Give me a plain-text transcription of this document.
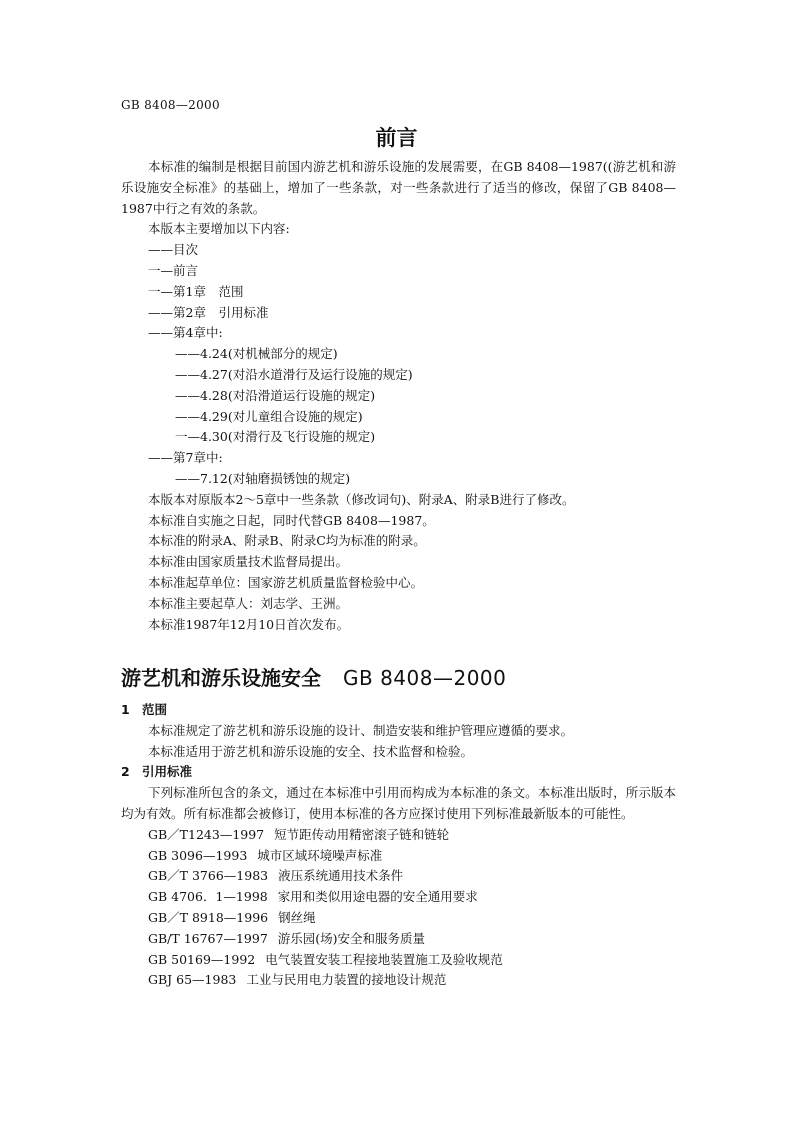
GB 8408—2000
前言

本标准的编制是根据目前国内游艺机和游乐设施的发展需要，在GB 8408—1987((游艺机和游乐设施安全标准》的基础上，增加了一些条款，对一些条款进行了适当的修改，保留了GB 8408—1987中行之有效的条款。

本版本主要增加以下内容:

——目次

一—前言

一—第1章　范围

——第2章　引用标准

——第4章中:

——4.24(对机械部分的规定)

——4.27(对沿水道滑行及运行设施的规定)

——4.28(对沿滑道运行设施的规定)

——4.29(对儿童组合设施的规定)

一—4.30(对滑行及飞行设施的规定)

——第7章中:

——7.12(对轴磨损锈蚀的规定)

本版本对原版本2～5章中一些条款（修改词句)、附录A、附录B进行了修改。

本标准自实施之日起，同时代替GB 8408—1987。

本标准的附录A、附录B、附录C均为标准的附录。

本标准由国家质量技术监督局提出。

本标准起草单位：国家游艺机质量监督检验中心。

本标准主要起草人：刘志学、王洲。

本标准1987年12月10日首次发布。

游艺机和游乐设施安全 GB 8408—2000

1 范围

本标准规定了游艺机和游乐设施的设计、制造安装和维护管理应遵循的要求。

本标准适用于游艺机和游乐设施的安全、技术监督和检验。

2 引用标准

下列标准所包含的条文，通过在本标准中引用而构成为本标准的条文。本标准出版时，所示版本均为有效。所有标准都会被修订，使用本标准的各方应探讨使用下列标准最新版本的可能性。

GB／T1243—1997 短节距传动用精密滚子链和链轮

GB 3096—1993 城市区域环境噪声标准

GB／T 3766—1983 液压系统通用技术条件

GB 4706．1—1998 家用和类似用途电器的安全通用要求

GB／T 8918—1996 钢丝绳

GB/T 16767—1997 游乐园(场)安全和服务质量

GB 50169—1992 电气装置安装工程接地装置施工及验收规范

GBJ 65—1983 工业与民用电力装置的接地设计规范
